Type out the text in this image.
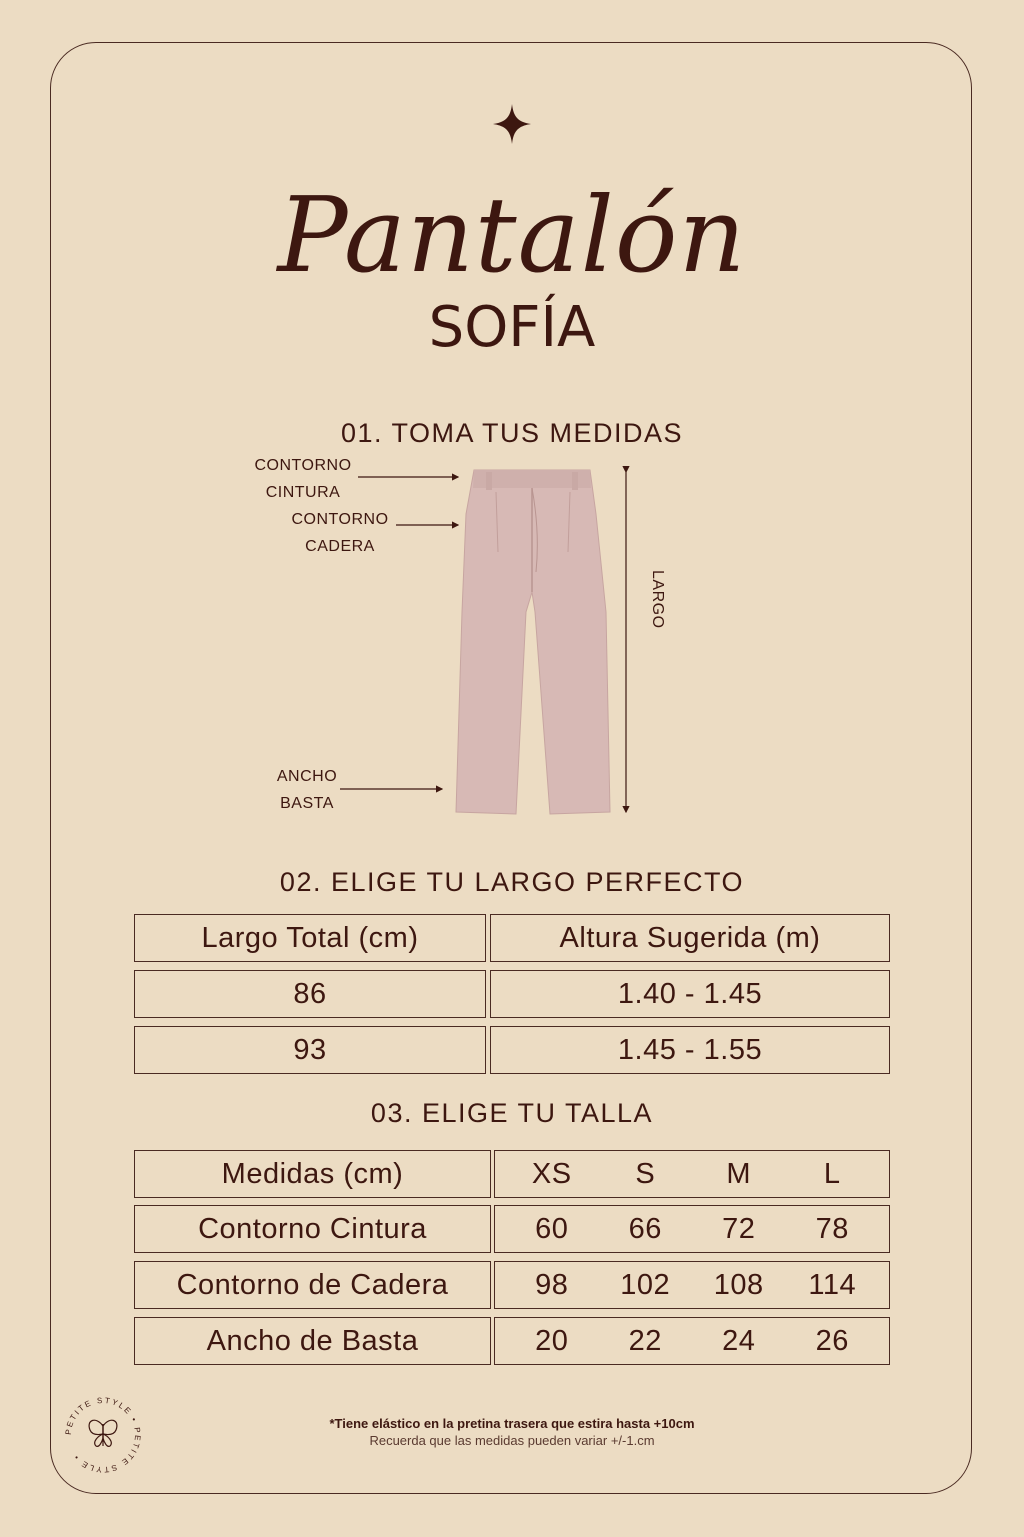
Pantalón
SOFÍA
01. TOMA TUS MEDIDAS
CONTORNO
CINTURA
CONTORNO
CADERA
ANCHO
BASTA
LARGO
02. ELIGE TU LARGO PERFECTO
Largo Total (cm)	Altura Sugerida (m)
86	1.40 - 1.45
93	1.45 - 1.55
03. ELIGE TU TALLA
Medidas (cm)	XS	S	M	L
Contorno Cintura	60	66	72	78
Contorno de Cadera	98	102	108	114
Ancho de Basta	20	22	24	26
*Tiene elástico en la pretina trasera que estira hasta +10cm
Recuerda que las medidas pueden variar +/-1.cm
PETITE STYLE • PETITE STYLE •
